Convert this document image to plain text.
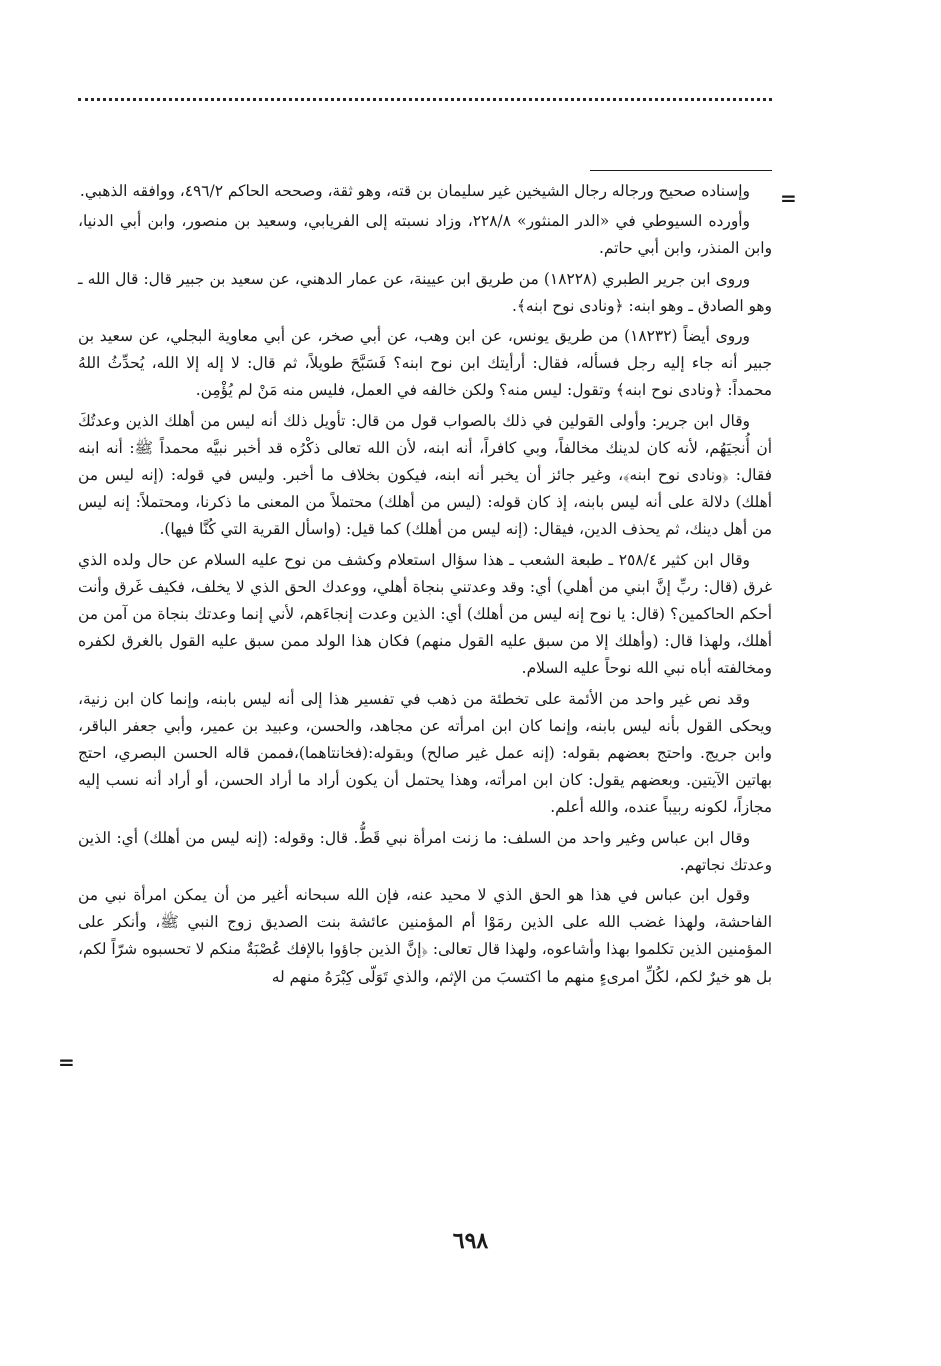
=

وإسناده صحيح ورجاله رجال الشيخين غير سليمان بن قته، وهو ثقة، وصححه الحاكم ٤٩٦/٢، ووافقه الذهبي.

وأورده السيوطي في «الدر المنثور» ٢٢٨/٨، وزاد نسبته إلى الفريابي، وسعيد بن منصور، وابن أبي الدنيا، وابن المنذر، وابن أبي حاتم.

وروى ابن جرير الطبري (١٨٢٢٨) من طريق ابن عيينة، عن عمار الدهني، عن سعيد بن جبير قال: قال الله ـ وهو الصادق ـ وهو ابنه: ﴿ونادى نوح ابنه﴾.

وروى أيضاً (١٨٢٣٢) من طريق يونس، عن ابن وهب، عن أبي صخر، عن أبي معاوية البجلي، عن سعيد بن جبير أنه جاء إليه رجل فسأله، فقال: أرأيتك ابن نوح ابنه؟ فَسَبَّحَ طويلاً، ثم قال: لا إله إلا الله، يُحدِّثُ اللهُ محمداً: ﴿ونادى نوح ابنه﴾ وتقول: ليس منه؟ ولكن خالفه في العمل، فليس منه مَنْ لم يُؤْمِن.

وقال ابن جرير: وأولى القولين في ذلك بالصواب قول من قال: تأويل ذلك أنه ليس من أهلك الذين وعدتُكَ أن أُنجيَهُم، لأنه كان لدينك مخالفاً، وبي كافراً، أنه ابنه، لأن الله تعالى ذكْرُه قد أخبر نبيَّه محمداً ﷺ: أنه ابنه فقال: ﴿ونادى نوح ابنه﴾، وغير جائز أن يخبر أنه ابنه، فيكون بخلاف ما أخبر. وليس في قوله: (إنه ليس من أهلك) دلالة على أنه ليس بابنه، إذ كان قوله: (ليس من أهلك) محتملاً من المعنى ما ذكرنا، ومحتملاً: إنه ليس من أهل دينك، ثم يحذف الدين، فيقال: (إنه ليس من أهلك) كما قيل: (واسأل القرية التي كُنَّا فيها).

وقال ابن كثير ٢٥٨/٤ ـ طبعة الشعب ـ هذا سؤال استعلام وكشف من نوح عليه السلام عن حال ولده الذي غرق (قال: ربِّ إنَّ ابني من أهلي) أي: وقد وعدتني بنجاة أهلي، ووعدك الحق الذي لا يخلف، فكيف غَرق وأنت أحكم الحاكمين؟ (قال: يا نوح إنه ليس من أهلك) أي: الذين وعدت إنجاءَهم، لأني إنما وعدتك بنجاة من آمن من أهلك، ولهذا قال: (وأهلك إلا من سبق عليه القول منهم) فكان هذا الولد ممن سبق عليه القول بالغرق لكفره ومخالفته أباه نبي الله نوحاً عليه السلام.

وقد نص غير واحد من الأئمة على تخطئة من ذهب في تفسير هذا إلى أنه ليس بابنه، وإنما كان ابن زنية، ويحكى القول بأنه ليس بابنه، وإنما كان ابن امرأته عن مجاهد، والحسن، وعبيد بن عمير، وأبي جعفر الباقر، وابن جريج. واحتج بعضهم بقوله: (إنه عمل غير صالح) وبقوله:(فخانتاهما)،فممن قاله الحسن البصري، احتج بهاتين الآيتين. وبعضهم يقول: كان ابن امرأته، وهذا يحتمل أن يكون أراد ما أراد الحسن، أو أراد أنه نسب إليه مجازاً، لكونه ربيباً عنده، والله أعلم.

وقال ابن عباس وغير واحد من السلف: ما زنت امرأة نبي قَطُّ. قال: وقوله: (إنه ليس من أهلك) أي: الذين وعدتك نجاتهم.

وقول ابن عباس في هذا هو الحق الذي لا محيد عنه، فإن الله سبحانه أغير من أن يمكن امرأة نبي من الفاحشة، ولهذا غضب الله على الذين رمَوْا أم المؤمنين عائشة بنت الصديق زوج النبي ﷺ، وأنكر على المؤمنين الذين تكلموا بهذا وأشاعوه، ولهذا قال تعالى: ﴿إنَّ الذين جاؤوا بالإفك عُصْبَةٌ منكم لا تحسبوه شرّاً لكم، بل هو خيرٌ لكم، لكُلِّ امرىءٍ منهم ما اكتسبَ من الإثم، والذي تَوَلّى كِبْرَهُ منهم له

=
٦٩٨
